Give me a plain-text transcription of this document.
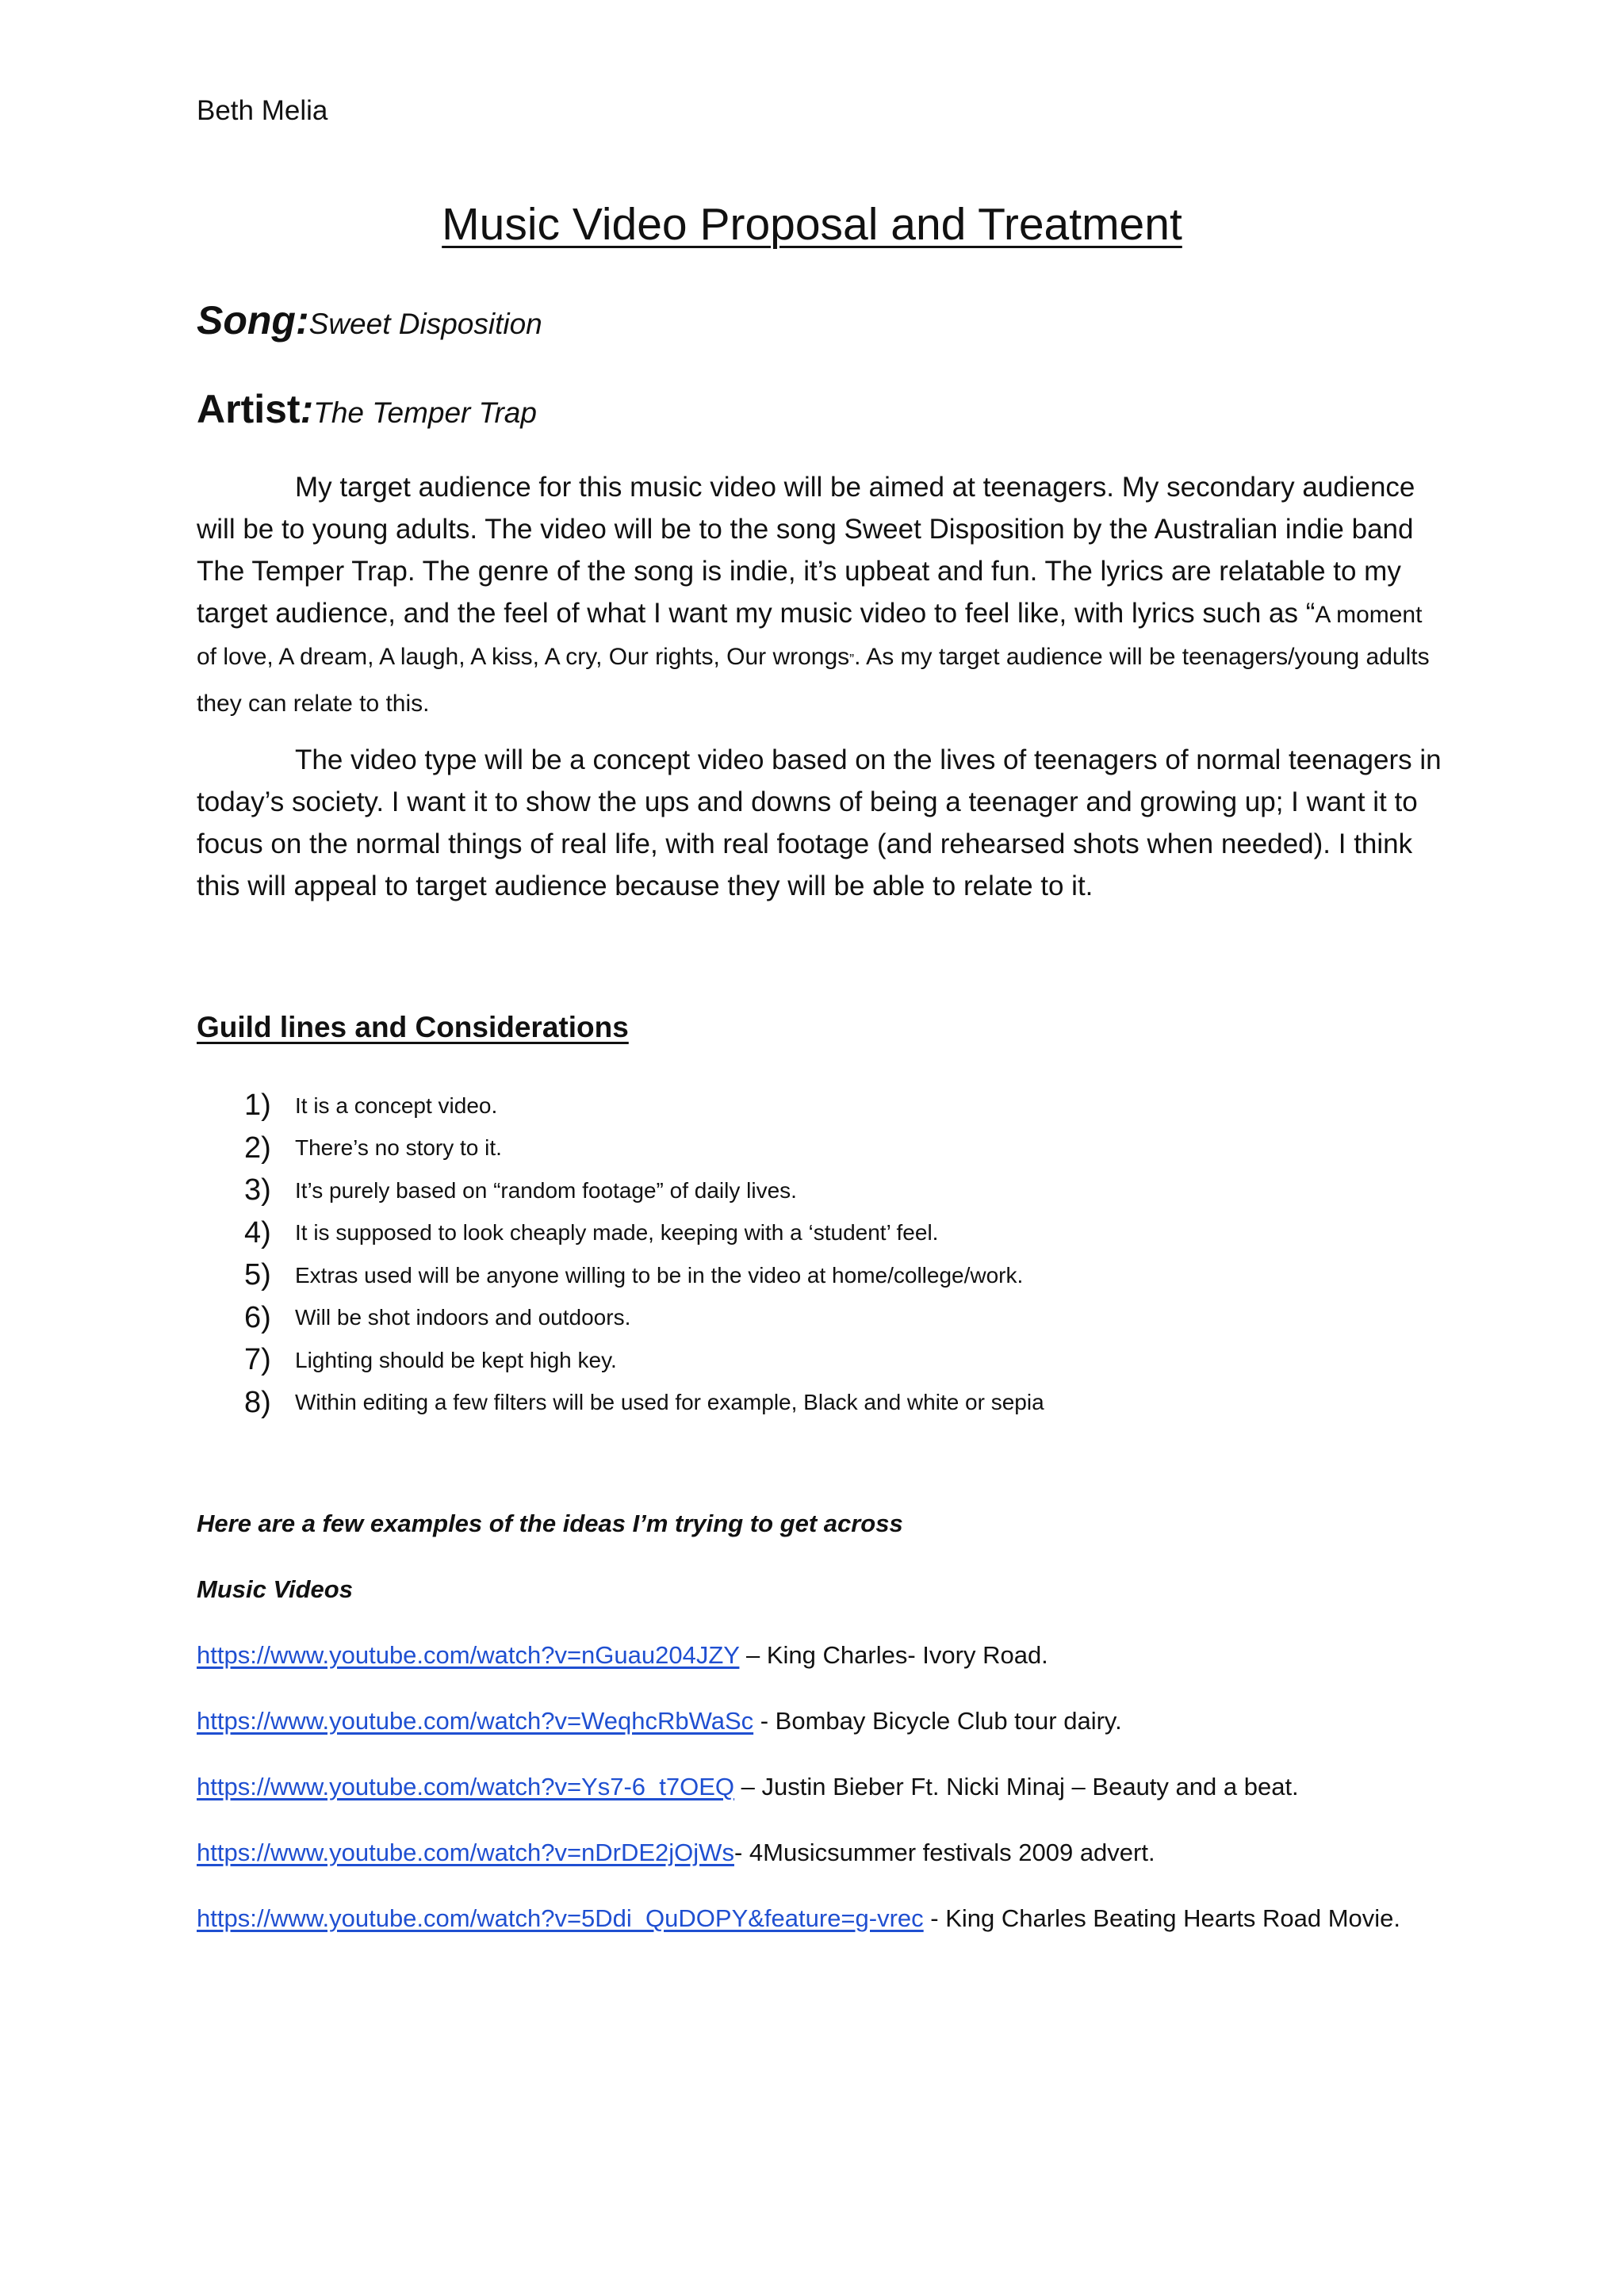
Beth Melia
Music Video Proposal and Treatment
Song:Sweet Disposition
Artist:The Temper Trap
My target audience for this music video will be aimed at teenagers. My secondary audience will be to young adults. The video will be to the song Sweet Disposition by the Australian indie band The Temper Trap. The genre of the song is indie, it’s upbeat and fun. The lyrics are relatable to my target audience, and the feel of what I want my music video to feel like, with lyrics such as “A moment of love, A dream, A laugh, A kiss, A cry, Our rights, Our wrongs”. As my target audience will be teenagers/young adults they can relate to this.
The video type will be a concept video based on the lives of teenagers of normal teenagers in today’s society. I want it to show the ups and downs of being a teenager and growing up; I want it to focus on the normal things of real life, with real footage (and rehearsed shots when needed). I think this will appeal to target audience because they will be able to relate to it.
Guild lines and Considerations
1)	It is a concept video.
2)	There’s no story to it.
3)	It’s purely based on “random footage” of daily lives.
4)	It is supposed to look cheaply made, keeping with a ‘student’ feel.
5)	Extras used will be anyone willing to be in the video at home/college/work.
6)	Will be shot indoors and outdoors.
7)	Lighting should be kept high key.
8)	Within editing a few filters will be used for example, Black and white or sepia
Here are a few examples of the ideas I’m trying to get across
Music Videos
https://www.youtube.com/watch?v=nGuau204JZY – King Charles- Ivory Road.
https://www.youtube.com/watch?v=WeqhcRbWaSc - Bombay Bicycle Club tour dairy.
https://www.youtube.com/watch?v=Ys7-6_t7OEQ – Justin Bieber Ft. Nicki Minaj – Beauty and a beat.
https://www.youtube.com/watch?v=nDrDE2jOjWs- 4Musicsummer festivals 2009 advert.
https://www.youtube.com/watch?v=5Ddi_QuDOPY&feature=g-vrec - King Charles Beating Hearts Road Movie.
